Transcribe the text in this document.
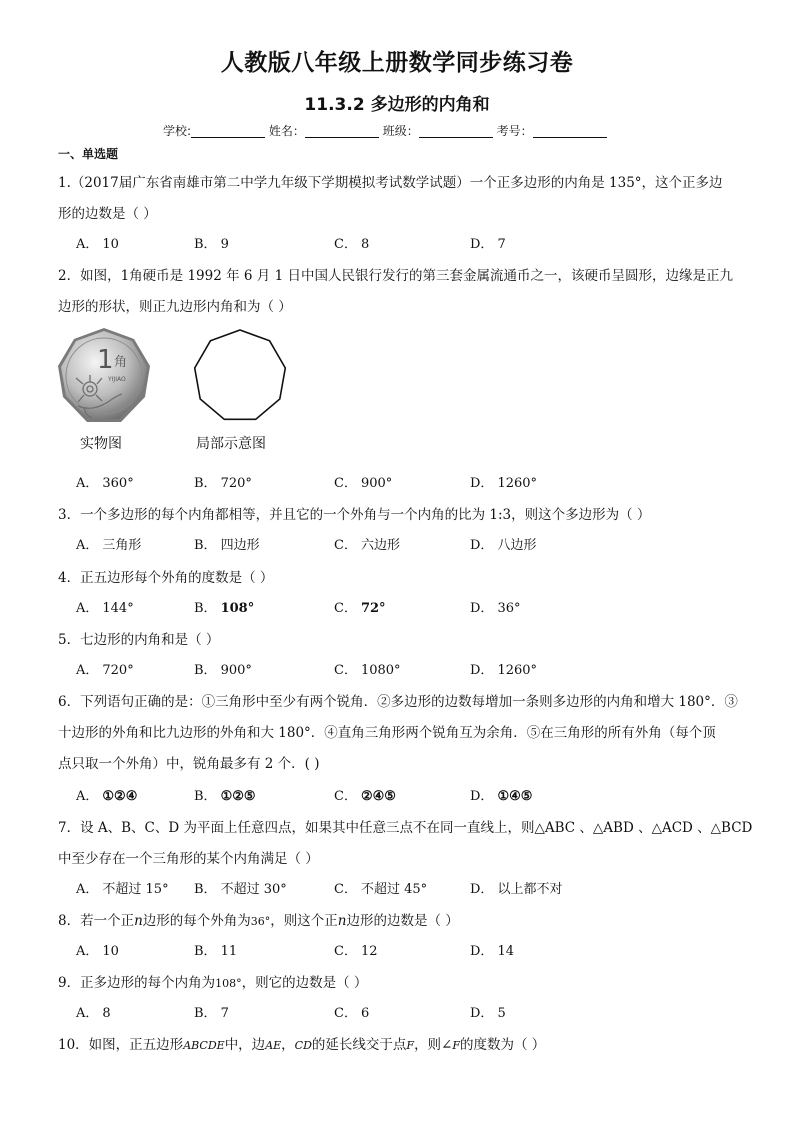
人教版八年级上册数学同步练习卷
11.3.2 多边形的内角和
学校:	姓名：	班级：	考号：
一、单选题
1.（2017届广东省南雄市第二中学九年级下学期模拟考试数学试题）一个正多边形的内角是 135°，这个正多边
形的边数是（ ）
A． 10	B． 9	C． 8	D． 7
2．如图，1角硬币是 1992 年 6 月 1 日中国人民银行发行的第三套金属流通币之一，该硬币呈圆形，边缘是正九
边形的形状，则正九边形内角和为（ ）
1 角
YIJIAO
实物图	局部示意图
A． 360°	B． 720°	C． 900°	D． 1260°
3．一个多边形的每个内角都相等，并且它的一个外角与一个内角的比为 1:3，则这个多边形为（ ）
A． 三角形	B． 四边形	C． 六边形	D． 八边形
4．正五边形每个外角的度数是（ ）
A． 144°	B． 108°	C． 72°	D． 36°
5．七边形的内角和是（ ）
A． 720°	B． 900°	C． 1080°	D． 1260°
6．下列语句正确的是：①三角形中至少有两个锐角．②多边形的边数每增加一条则多边形的内角和增大 180°．③
十边形的外角和比九边形的外角和大 180°．④直角三角形两个锐角互为余角．⑤在三角形的所有外角（每个顶
点只取一个外角）中，锐角最多有 2 个．( )
A． ①②④	B． ①②⑤	C． ②④⑤	D． ①④⑤
7．设 A、B、C、D 为平面上任意四点，如果其中任意三点不在同一直线上，则△ABC 、△ABD 、△ACD 、△BCD
中至少存在一个三角形的某个内角满足（ ）
A． 不超过 15° B． 不超过 30°	C． 不超过 45°	D． 以上都不对
8．若一个正n边形的每个外角为36°，则这个正n边形的边数是（ ）
A． 10	B． 11	C． 12	D． 14
9．正多边形的每个内角为108°，则它的边数是（ ）
A． 8	B． 7	C． 6	D． 5
10．如图，正五边形ABCDE中，边AE，CD的延长线交于点F，则∠F的度数为（ ）
